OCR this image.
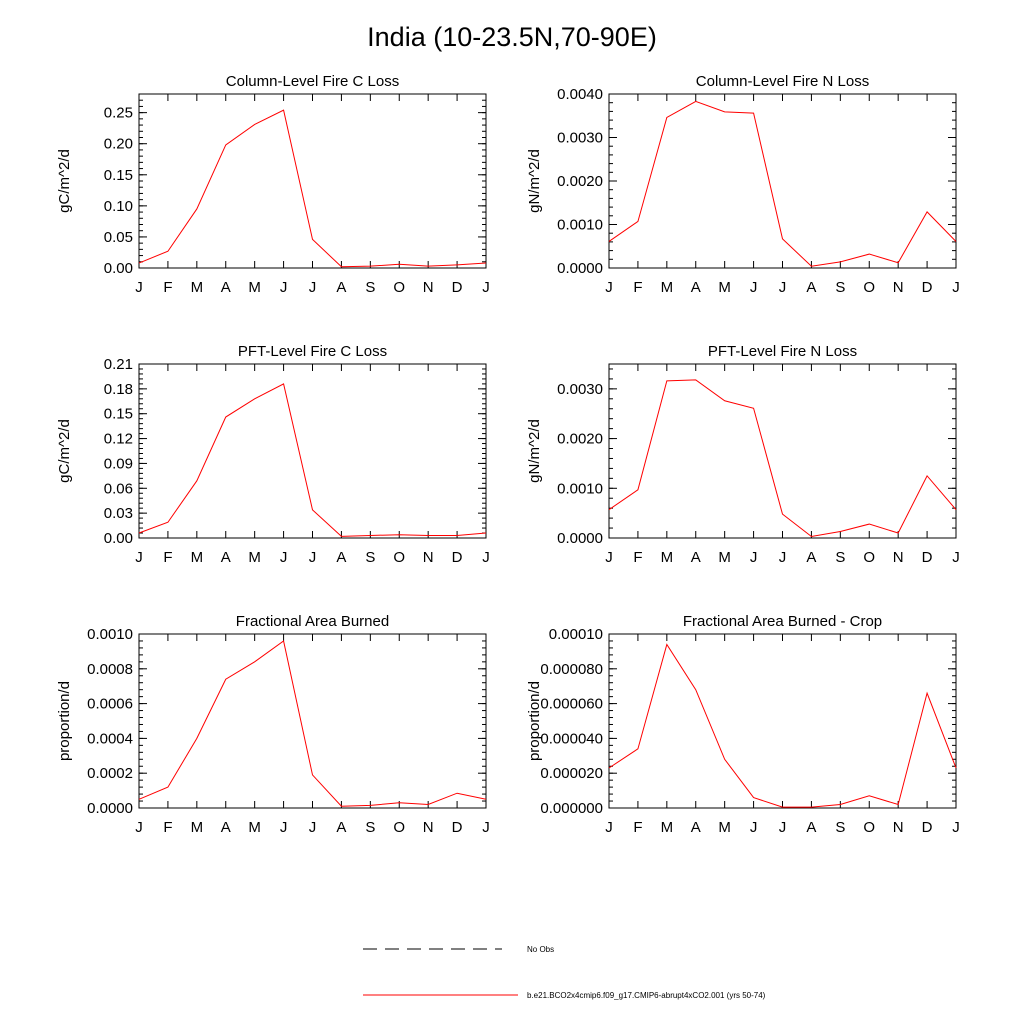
India (10-23.5N,70-90E)
Column-Level Fire C Loss
gC/m^2/d
J F M A M J J A S O N D J
0.00
0.05
0.10
0.15
0.20
0.25
Column-Level Fire N Loss
gN/m^2/d
J F M A M J J A S O N D J
0.0000
0.0010
0.0020
0.0030
0.0040
PFT-Level Fire C Loss
gC/m^2/d
J F M A M J J A S O N D J
0.00
0.03
0.06
0.09
0.12
0.15
0.18
0.21
PFT-Level Fire N Loss
gN/m^2/d
J F M A M J J A S O N D J
0.0000
0.0010
0.0020
0.0030
Fractional Area Burned
proportion/d
J F M A M J J A S O N D J
0.0000
0.0002
0.0004
0.0006
0.0008
0.0010
Fractional Area Burned - Crop
proportion/d
J F M A M J J A S O N D J
0.000000
0.000020
0.000040
0.000060
0.000080
0.00010
No Obs
b.e21.BCO2x4cmip6.f09_g17.CMIP6-abrupt4xCO2.001 (yrs 50-74)
